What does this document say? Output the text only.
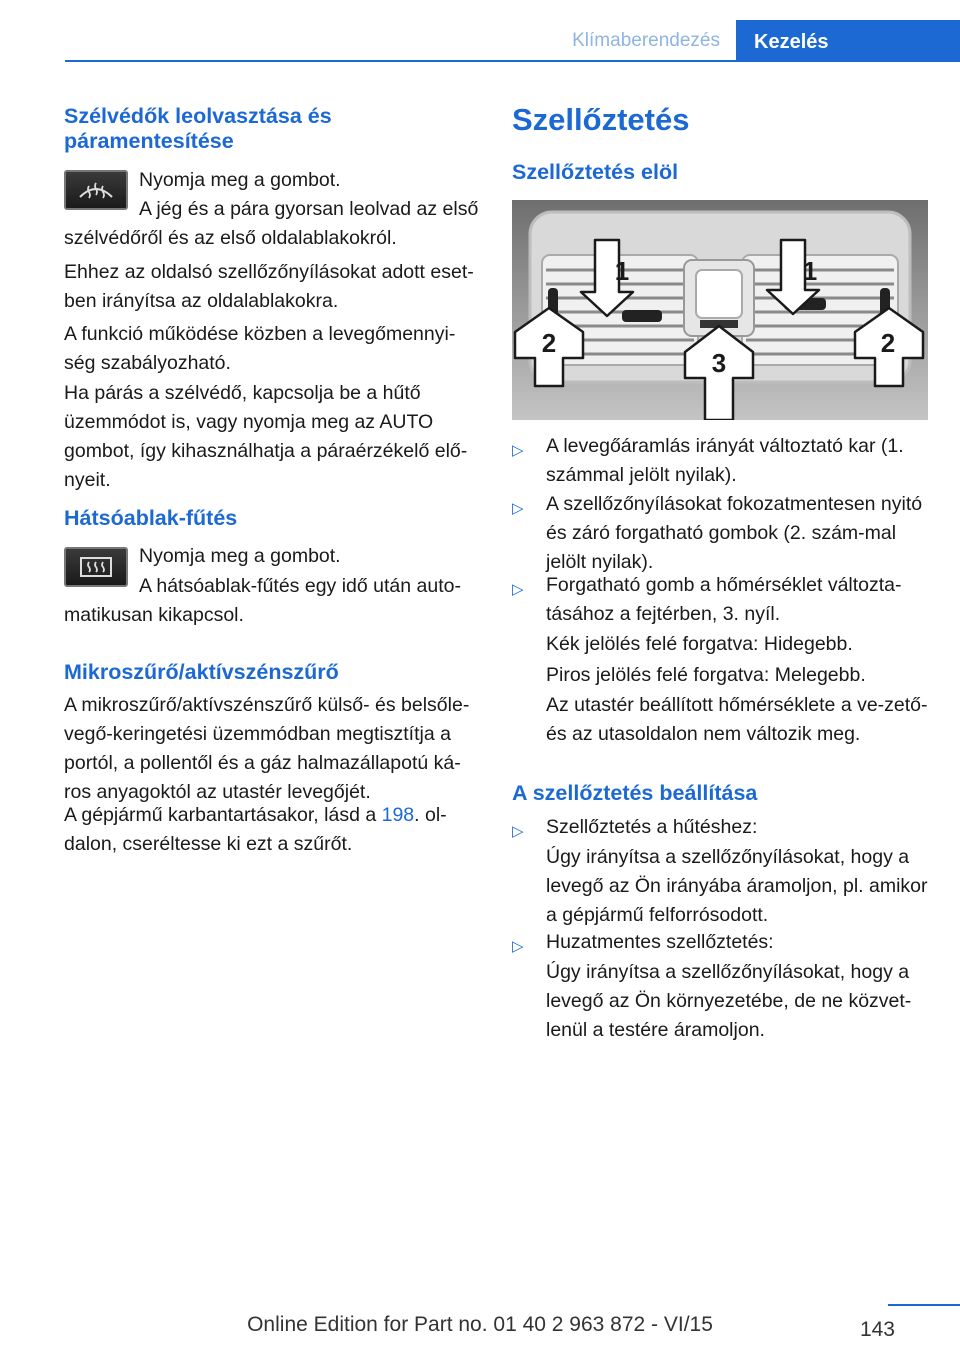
Klímaberendezés	Kezelés
Szélvédők leolvasztása és
páramentesítése
Nyomja meg a gombot.
A jég és a pára gyorsan leolvad az első
szélvédőről és az első oldalablakokról.
Ehhez az oldalsó szellőzőnyílásokat adott eset-ben irányítsa az oldalablakokra.
A funkció működése közben a levegőmennyi-ség szabályozható.
Ha párás a szélvédő, kapcsolja be a hűtő üzemmódot is, vagy nyomja meg az AUTO gombot, így kihasználhatja a páraérzékelő elő-nyeit.
Hátsóablak-fűtés
Nyomja meg a gombot.
A hátsóablak-fűtés egy idő után auto-
matikusan kikapcsol.
Mikroszűrő/aktívszénszűrő
A mikroszűrő/aktívszénszűrő külső- és belsőle-vegő-keringetési üzemmódban megtisztítja a portól, a pollentől és a gáz halmazállapotú ká-ros anyagoktól az utastér levegőjét.
A gépjármű karbantartásakor, lásd a 198. ol-
dalon, cseréltesse ki ezt a szűrőt.
Szellőztetés
Szellőztetés elöl
1	1
2	2
3
▷ A levegőáramlás irányát változtató kar (1. számmal jelölt nyilak).
▷ A szellőzőnyílásokat fokozatmentesen nyitó és záró forgatható gombok (2. szám-mal jelölt nyilak).
▷ Forgatható gomb a hőmérséklet változta-tásához a fejtérben, 3. nyíl.
Kék jelölés felé forgatva: Hidegebb.
Piros jelölés felé forgatva: Melegebb.
Az utastér beállított hőmérséklete a ve-zető- és az utasoldalon nem változik meg.
A szellőztetés beállítása
▷ Szellőztetés a hűtéshez:
Úgy irányítsa a szellőzőnyílásokat, hogy a levegő az Ön irányába áramoljon, pl. amikor a gépjármű felforrósodott.
▷ Huzatmentes szellőztetés:
Úgy irányítsa a szellőzőnyílásokat, hogy a levegő az Ön környezetébe, de ne közvet-lenül a testére áramoljon.
143
Online Edition for Part no. 01 40 2 963 872 - VI/15
